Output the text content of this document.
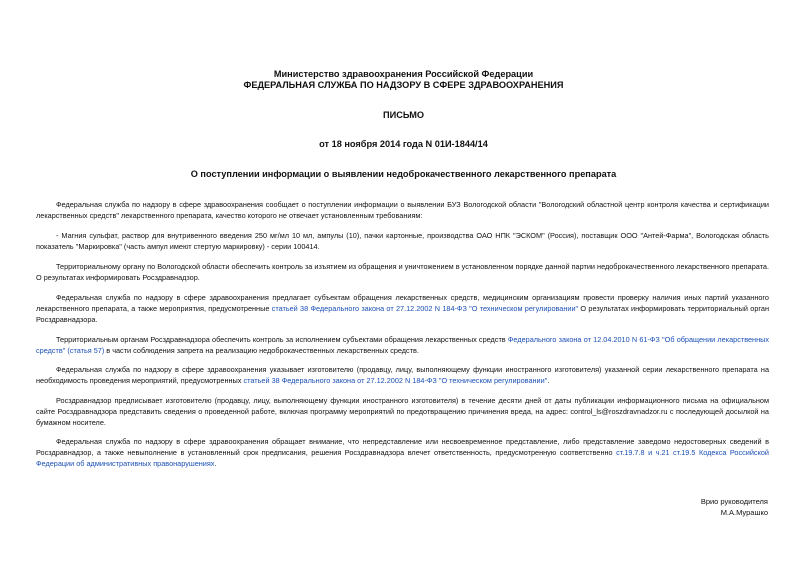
Министерство здравоохранения Российской Федерации
ФЕДЕРАЛЬНАЯ СЛУЖБА ПО НАДЗОРУ В СФЕРЕ ЗДРАВООХРАНЕНИЯ
ПИСЬМО
от 18 ноября 2014 года N 01И-1844/14
О поступлении информации о выявлении недоброкачественного лекарственного препарата
Федеральная служба по надзору в сфере здравоохранения сообщает о поступлении информации о выявлении БУЗ Вологодской области "Вологодский областной центр контроля качества и сертификации лекарственных средств" лекарственного препарата, качество которого не отвечает установленным требованиям:
- Магния сульфат, раствор для внутривенного введения 250 мг/мл 10 мл, ампулы (10), пачки картонные, производства ОАО НПК "ЭСКОМ" (Россия), поставщик ООО "Антей-Фарма", Вологодская область показатель "Маркировка" (часть ампул имеют стертую маркировку) - серии 100414.
Территориальному органу по Вологодской области обеспечить контроль за изъятием из обращения и уничтожением в установленном порядке данной партии недоброкачественного лекарственного препарата. О результатах информировать Росздравнадзор.
Федеральная служба по надзору в сфере здравоохранения предлагает субъектам обращения лекарственных средств, медицинским организациям провести проверку наличия иных партий указанного лекарственного препарата, а также мероприятия, предусмотренные статьей 38 Федерального закона от 27.12.2002 N 184-ФЗ "О техническом регулировании" О результатах информировать территориальный орган Росздравнадзора.
Территориальным органам Росздравнадзора обеспечить контроль за исполнением субъектами обращения лекарственных средств Федерального закона от 12.04.2010 N 61-ФЗ "Об обращении лекарственных средств" (статья 57) в части соблюдения запрета на реализацию недоброкачественных лекарственных средств.
Федеральная служба по надзору в сфере здравоохранения указывает изготовителю (продавцу, лицу, выполняющему функции иностранного изготовителя) указанной серии лекарственного препарата на необходимость проведения мероприятий, предусмотренных статьей 38 Федерального закона от 27.12.2002 N 184-ФЗ "О техническом регулировании".
Росздравнадзор предписывает изготовителю (продавцу, лицу, выполняющему функции иностранного изготовителя) в течение десяти дней от даты публикации информационного письма на официальном сайте Росздравнадзора представить сведения о проведенной работе, включая программу мероприятий по предотвращению причинения вреда, на адрес: control_ls@roszdravnadzor.ru с последующей досылкой на бумажном носителе.
Федеральная служба по надзору в сфере здравоохранения обращает внимание, что непредставление или несвоевременное представление, либо представление заведомо недостоверных сведений в Росздравнадзор, а также невыполнение в установленный срок предписания, решения Росздравнадзора влечет ответственность, предусмотренную соответственно ст.19.7.8 и ч.21 ст.19.5 Кодекса Российской Федерации об административных правонарушениях.
Врио руководителя
М.А.Мурашко
